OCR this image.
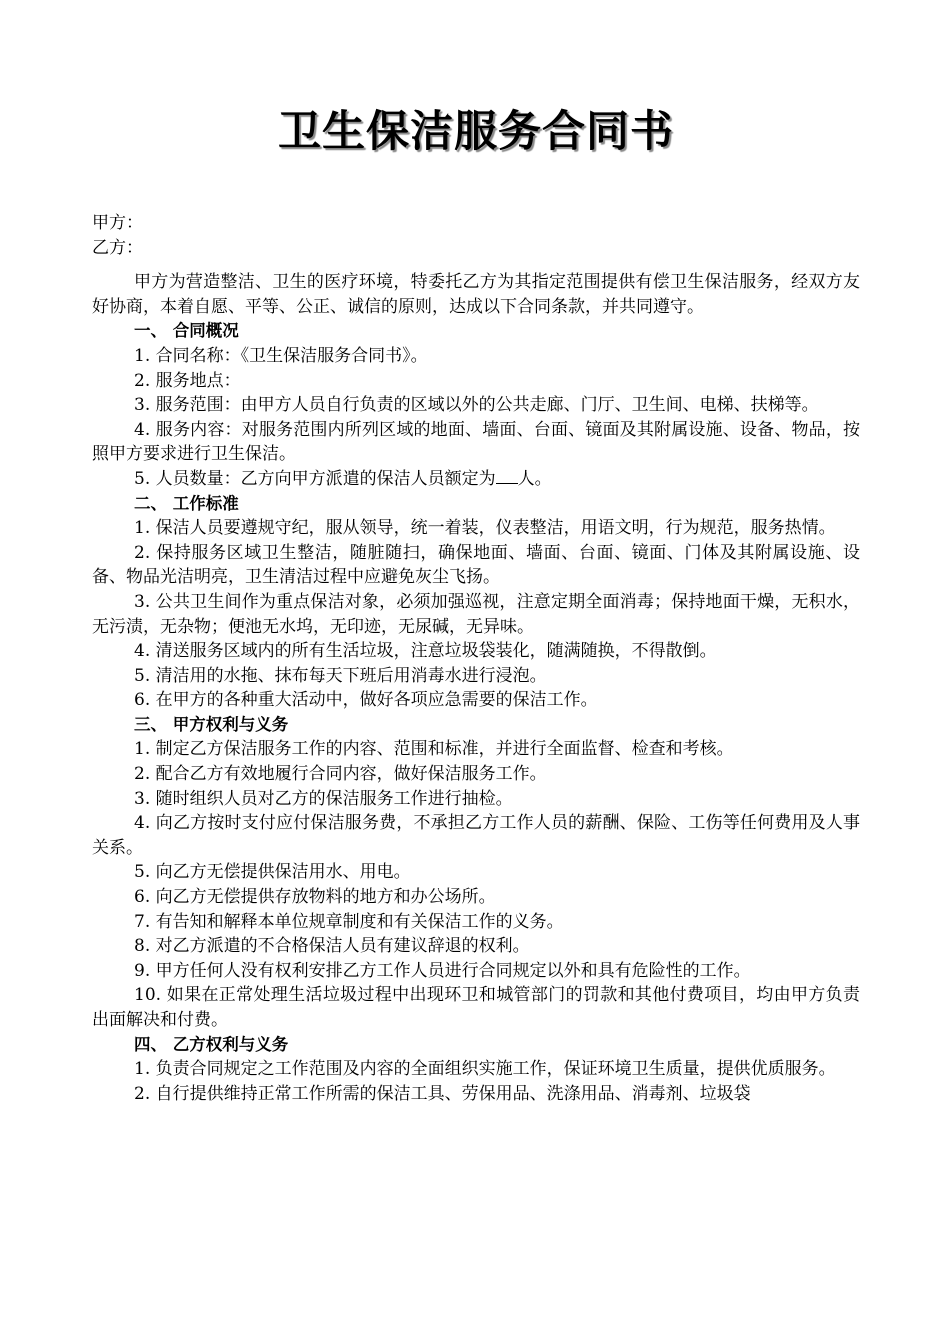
卫生保洁服务合同书

甲方：

乙方：

甲方为营造整洁、卫生的医疗环境，特委托乙方为其指定范围提供有偿卫生保洁服务，经双方友好协商，本着自愿、平等、公正、诚信的原则，达成以下合同条款，并共同遵守。

一、 合同概况

1. 合同名称：《卫生保洁服务合同书》。

2. 服务地点：

3. 服务范围：由甲方人员自行负责的区域以外的公共走廊、门厅、卫生间、电梯、扶梯等。

4. 服务内容：对服务范围内所列区域的地面、墙面、台面、镜面及其附属设施、设备、物品，按照甲方要求进行卫生保洁。

5. 人员数量：乙方向甲方派遣的保洁人员额定为 人。

二、 工作标准

1. 保洁人员要遵规守纪，服从领导，统一着装，仪表整洁，用语文明，行为规范，服务热情。

2. 保持服务区域卫生整洁，随脏随扫，确保地面、墙面、台面、镜面、门体及其附属设施、设备、物品光洁明亮，卫生清洁过程中应避免灰尘飞扬。

3. 公共卫生间作为重点保洁对象，必须加强巡视，注意定期全面消毒；保持地面干燥，无积水，无污渍，无杂物；便池无水坞，无印迹，无尿碱，无异味。

4. 清送服务区域内的所有生活垃圾，注意垃圾袋装化，随满随换，不得散倒。

5. 清洁用的水拖、抹布每天下班后用消毒水进行浸泡。

6. 在甲方的各种重大活动中，做好各项应急需要的保洁工作。

三、 甲方权利与义务

1. 制定乙方保洁服务工作的内容、范围和标准，并进行全面监督、检查和考核。

2. 配合乙方有效地履行合同内容，做好保洁服务工作。

3. 随时组织人员对乙方的保洁服务工作进行抽检。

4. 向乙方按时支付应付保洁服务费，不承担乙方工作人员的薪酬、保险、工伤等任何费用及人事关系。

5. 向乙方无偿提供保洁用水、用电。

6. 向乙方无偿提供存放物料的地方和办公场所。

7. 有告知和解释本单位规章制度和有关保洁工作的义务。

8. 对乙方派遣的不合格保洁人员有建议辞退的权利。

9. 甲方任何人没有权利安排乙方工作人员进行合同规定以外和具有危险性的工作。

10. 如果在正常处理生活垃圾过程中出现环卫和城管部门的罚款和其他付费项目，均由甲方负责出面解决和付费。

四、 乙方权利与义务

1. 负责合同规定之工作范围及内容的全面组织实施工作，保证环境卫生质量，提供优质服务。

2. 自行提供维持正常工作所需的保洁工具、劳保用品、洗涤用品、消毒剂、垃圾袋
